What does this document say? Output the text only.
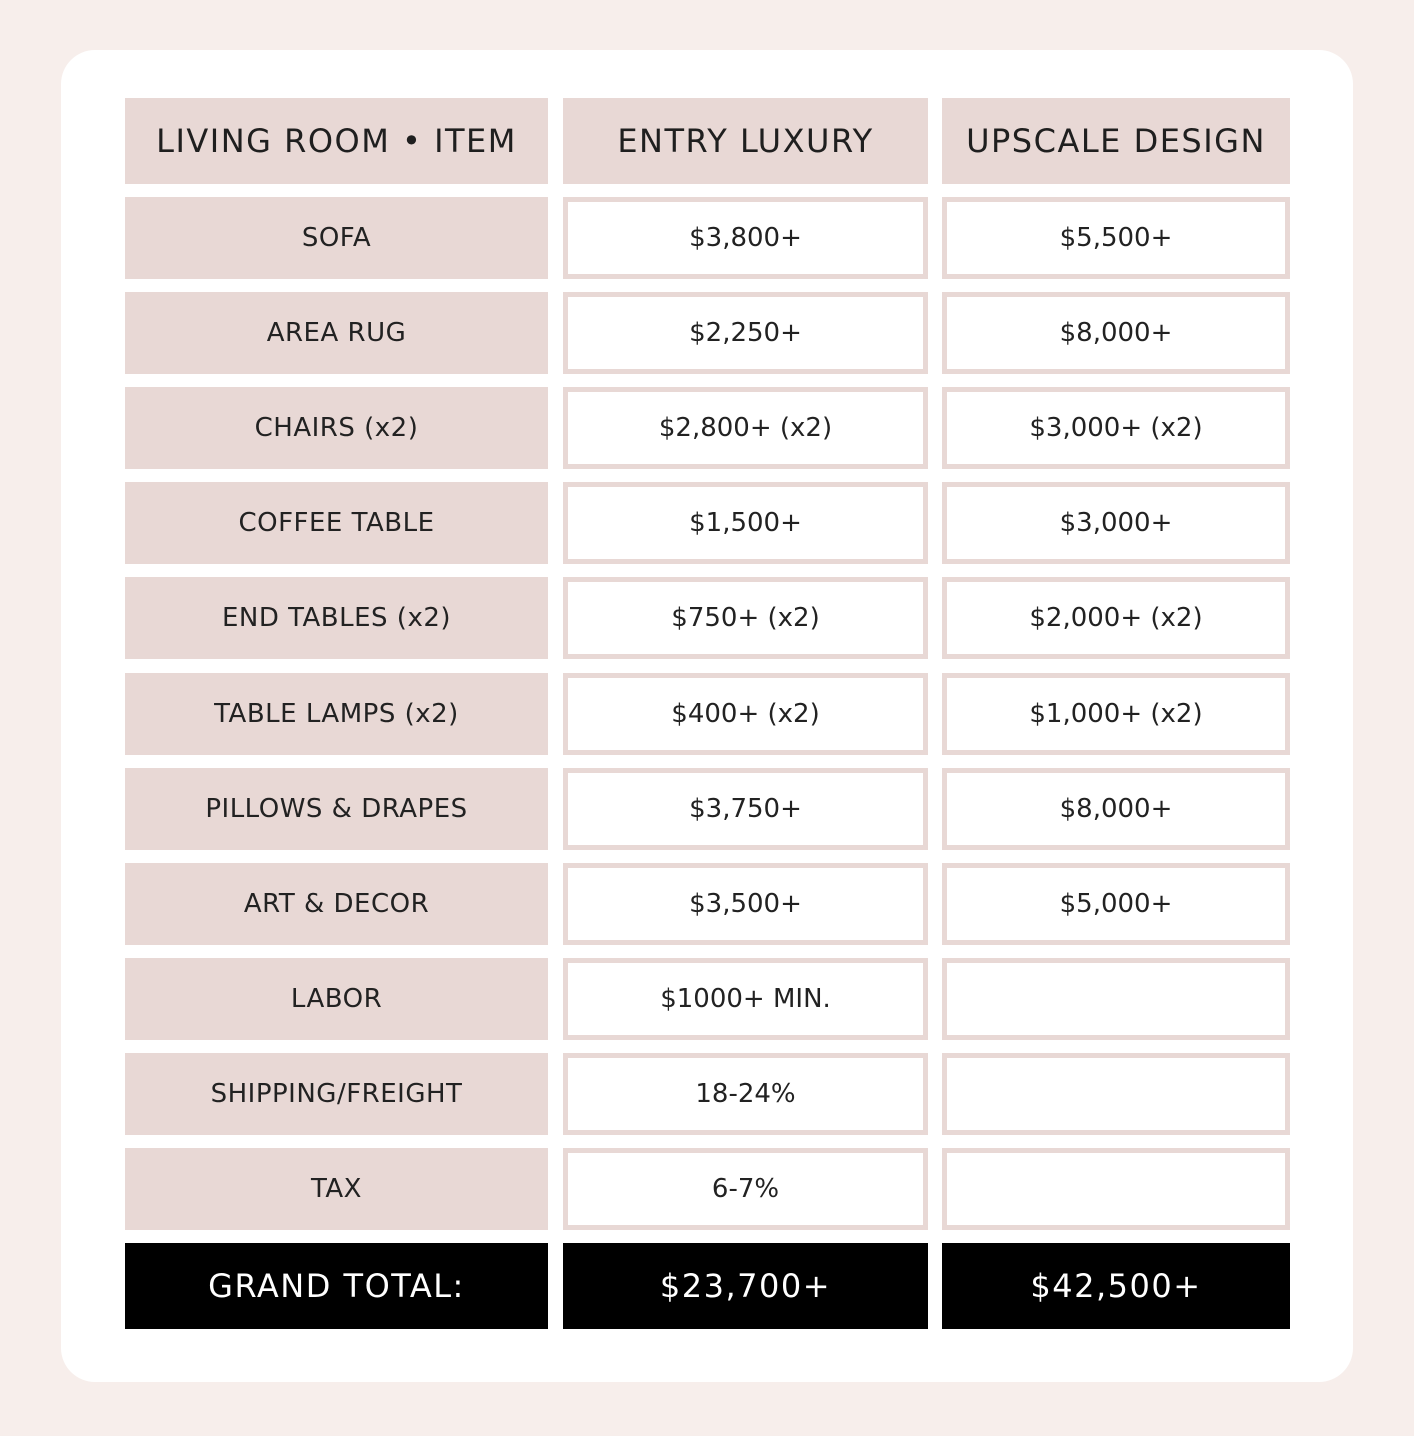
LIVING ROOM • ITEM	ENTRY LUXURY	UPSCALE DESIGN
SOFA	$3,800+	$5,500+
AREA RUG	$2,250+	$8,000+
CHAIRS (x2)	$2,800+ (x2)	$3,000+ (x2)
COFFEE TABLE	$1,500+	$3,000+
END TABLES (x2)	$750+ (x2)	$2,000+ (x2)
TABLE LAMPS (x2)	$400+ (x2)	$1,000+ (x2)
PILLOWS & DRAPES	$3,750+	$8,000+
ART & DECOR	$3,500+	$5,000+
LABOR	$1000+ MIN.
SHIPPING/FREIGHT	18-24%
TAX	6-7%
GRAND TOTAL:	$23,700+	$42,500+
